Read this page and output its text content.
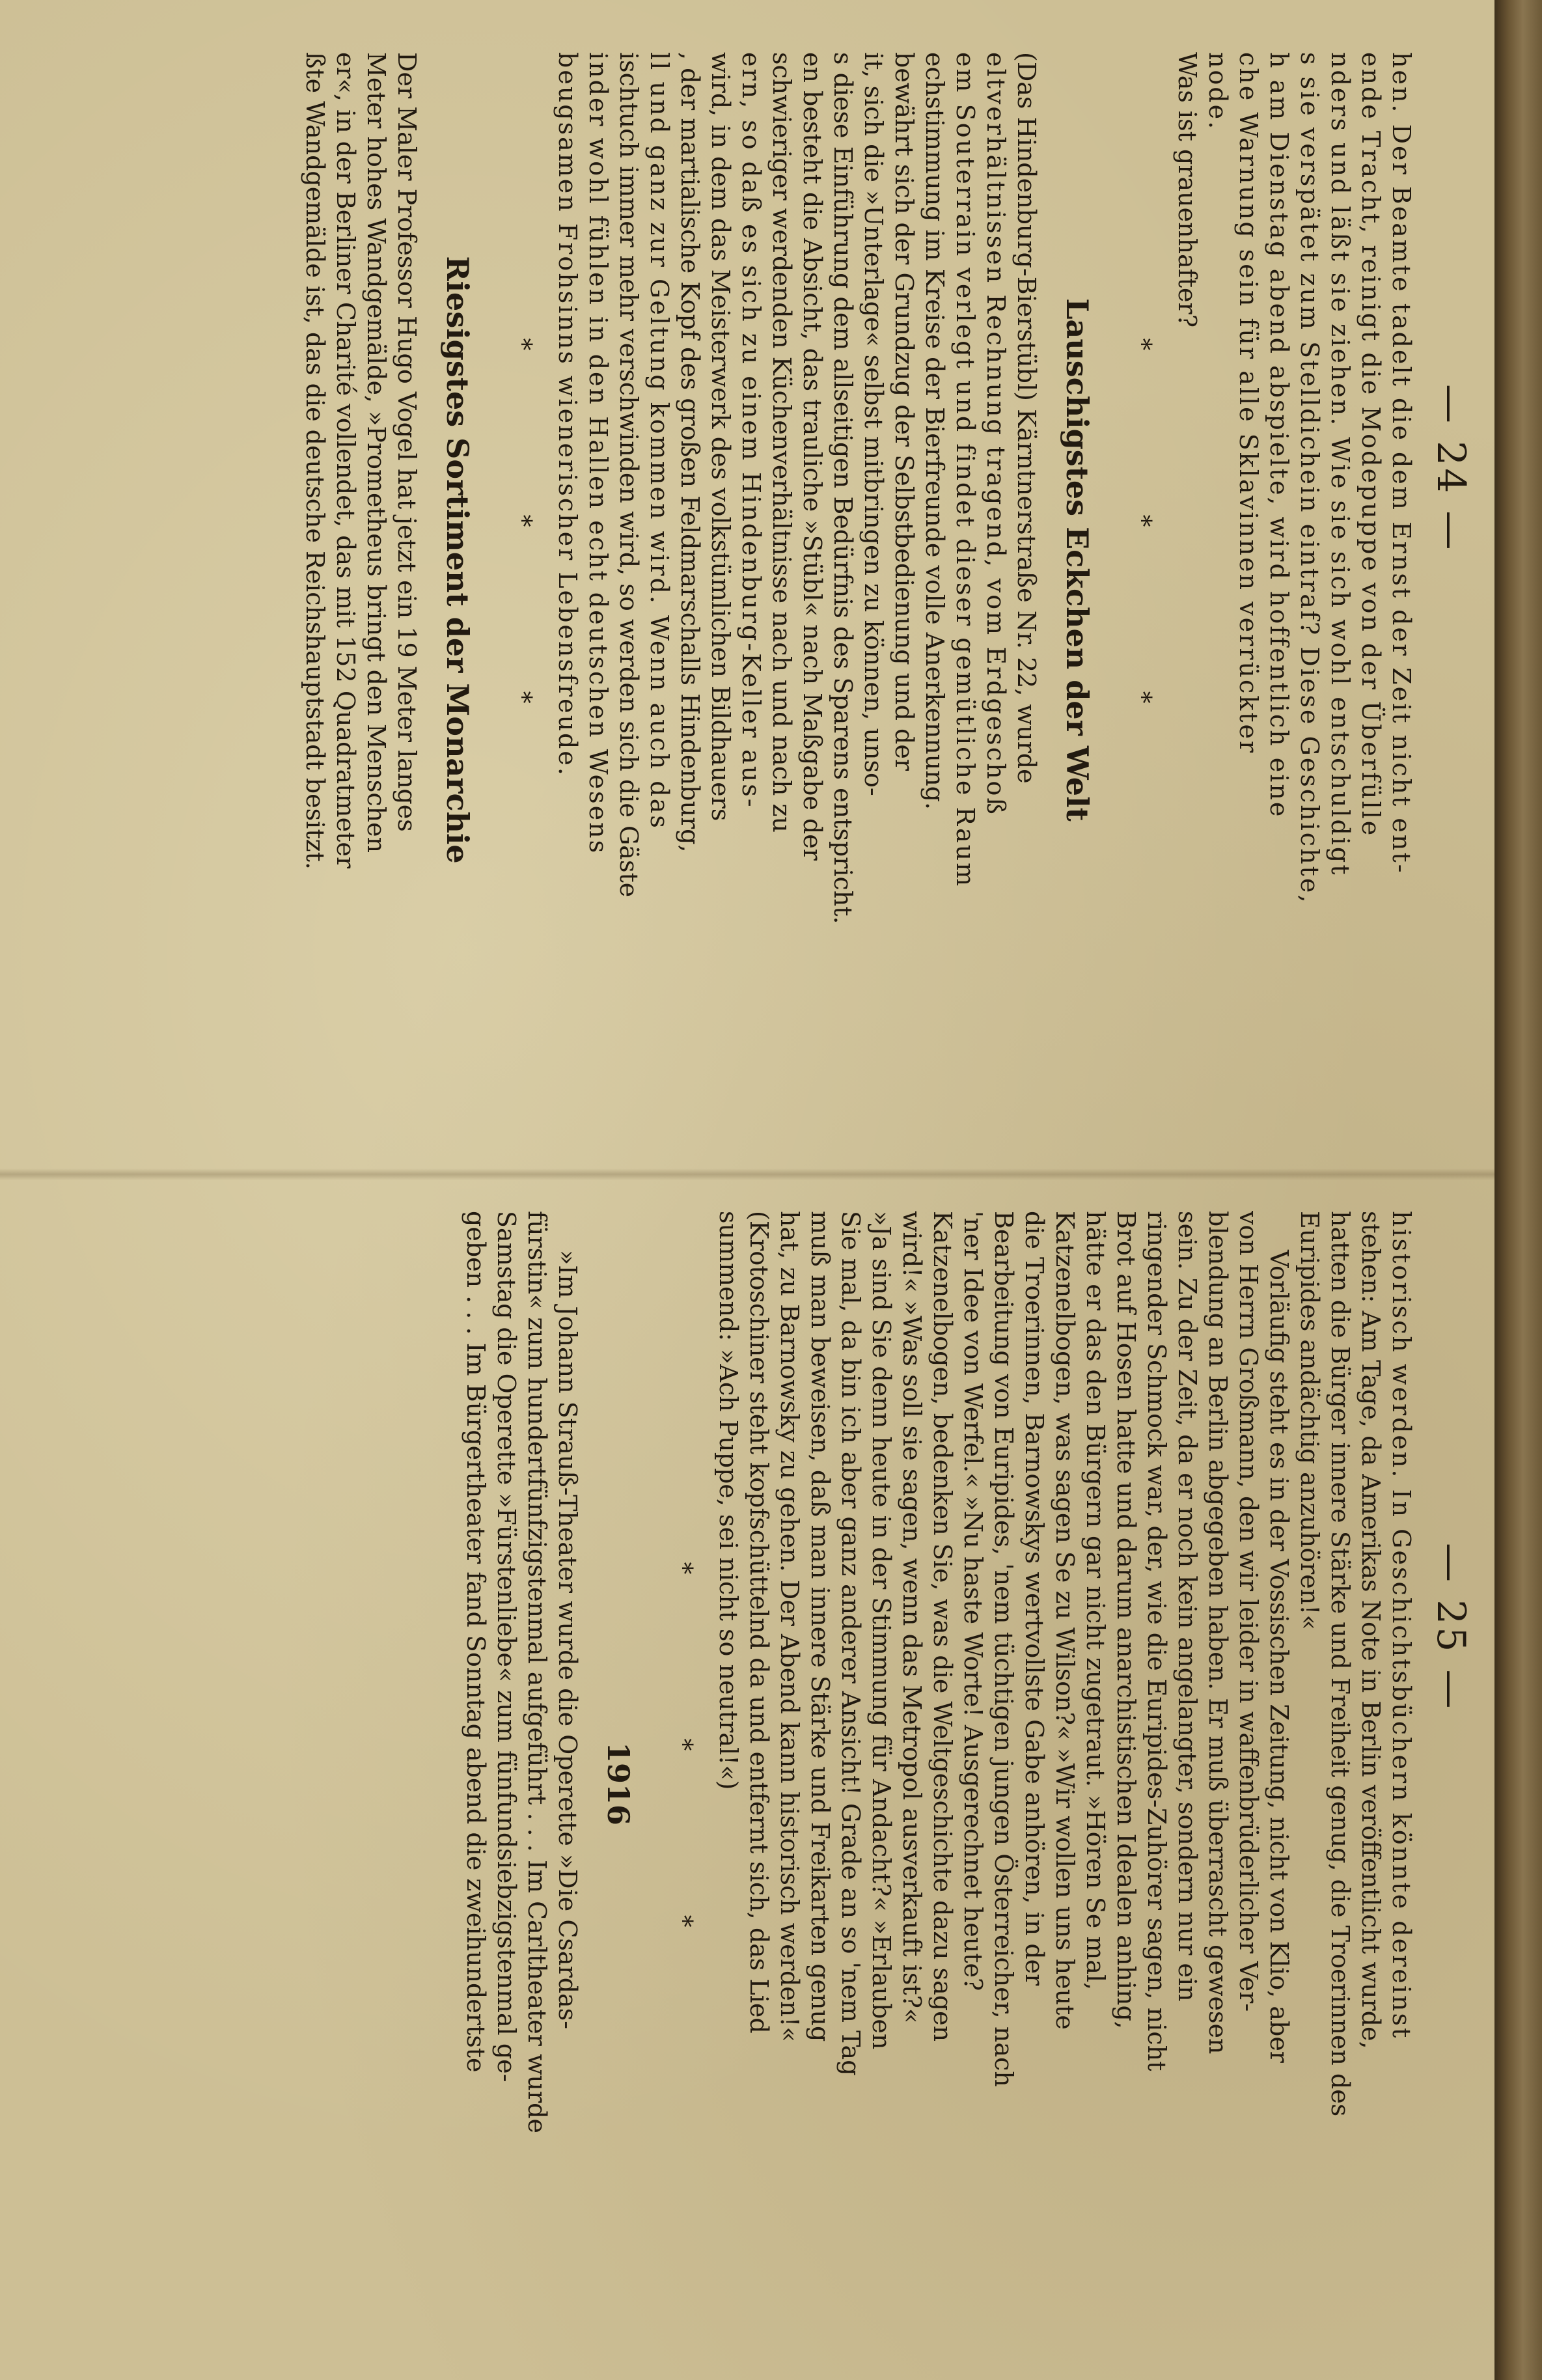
— 24 —
— 25 —
hen. Der Beamte tadelt die dem Ernst der Zeit nicht ent-
ende Tracht, reinigt die Modepuppe von der Überfülle
nders und läßt sie ziehen. Wie sie sich wohl entschuldigt
s sie verspätet zum Stelldichein eintraf? Diese Geschichte,
h am Dienstag abend abspielte, wird hoffentlich eine
che Warnung sein für alle Sklavinnen verrückter
node.
Was ist grauenhafter?
* * *
Lauschigstes Eckchen der Welt
(Das Hindenburg-Bierstübl) Kärntnerstraße Nr. 22, wurde
eltverhältnissen Rechnung tragend, vom Erdgeschoß
em Souterrain verlegt und findet dieser gemütliche Raum
echstimmung im Kreise der Bierfreunde volle Anerkennung.
bewährt sich der Grundzug der Selbstbedienung und der
it, sich die »Unterlage« selbst mitbringen zu können, unso-
s diese Einführung dem allseitigen Bedürfnis des Sparens entspricht.
en besteht die Absicht, das trauliche »Stübl« nach Maßgabe der
schwieriger werdenden Küchenverhältnisse nach und nach zu
ern, so daß es sich zu einem Hindenburg-Keller aus-
wird, in dem das Meisterwerk des volkstümlichen Bildhauers
, der martialische Kopf des großen Feldmarschalls Hindenburg,
ll und ganz zur Geltung kommen wird. Wenn auch das
ischtuch immer mehr verschwinden wird, so werden sich die Gäste
inder wohl fühlen in den Hallen echt deutschen Wesens
beugsamen Frohsinns wienerischer Lebensfreude.
* * *
Riesigstes Sortiment der Monarchie
Der Maler Professor Hugo Vogel hat jetzt ein 19 Meter langes
Meter hohes Wandgemälde, »Prometheus bringt den Menschen
er«, in der Berliner Charité vollendet, das mit 152 Quadratmeter
ßte Wandgemälde ist, das die deutsche Reichshauptstadt besitzt.
historisch werden. In Geschichtsbüchern könnte dereinst
stehen: Am Tage, da Amerikas Note in Berlin veröffentlicht wurde,
hatten die Bürger innere Stärke und Freiheit genug, die Troerinnen des
Euripides andächtig anzuhören!«
Vorläufig steht es in der Vossischen Zeitung, nicht von Klio, aber
von Herrn Großmann, den wir leider in waffenbrüderlicher Ver-
blendung an Berlin abgegeben haben. Er muß überrascht gewesen
sein. Zu der Zeit, da er noch kein angelangter, sondern nur ein
ringender Schmock war, der, wie die Euripides-Zuhörer sagen, nicht
Brot auf Hosen hatte und darum anarchistischen Idealen anhing,
hätte er das den Bürgern gar nicht zugetraut. »Hören Se mal,
Katzenelbogen, was sagen Se zu Wilson?« »Wir wollen uns heute
die Troerinnen, Barnowskys wertvollste Gabe anhören, in der
Bearbeitung von Euripides, 'nem tüchtigen jungen Österreicher, nach
'ner Idee von Werfel.« »Nu haste Worte! Ausgerechnet heute?
Katzenelbogen, bedenken Sie, was die Weltgeschichte dazu sagen
wird!« »Was soll sie sagen, wenn das Metropol ausverkauft ist?«
»Ja sind Sie denn heute in der Stimmung für Andacht?« »Erlauben
Sie mal, da bin ich aber ganz anderer Ansicht! Grade an so 'nem Tag
muß man beweisen, daß man innere Stärke und Freikarten genug
hat, zu Barnowsky zu gehen. Der Abend kann historisch werden!«
(Krotoschiner steht kopfschüttelnd da und entfernt sich, das Lied
summend: »Ach Puppe, sei nicht so neutral!«)
* * *
1916
»Im Johann Strauß-Theater wurde die Operette »Die Csardas-
fürstin« zum hundertfünfzigstenmal aufgeführt . . . Im Carltheater wurde
Samstag die Operette »Fürstenliebe« zum fünfundsiebzigstenmal ge-
geben . . . Im Bürgertheater fand Sonntag abend die zweihundertste
